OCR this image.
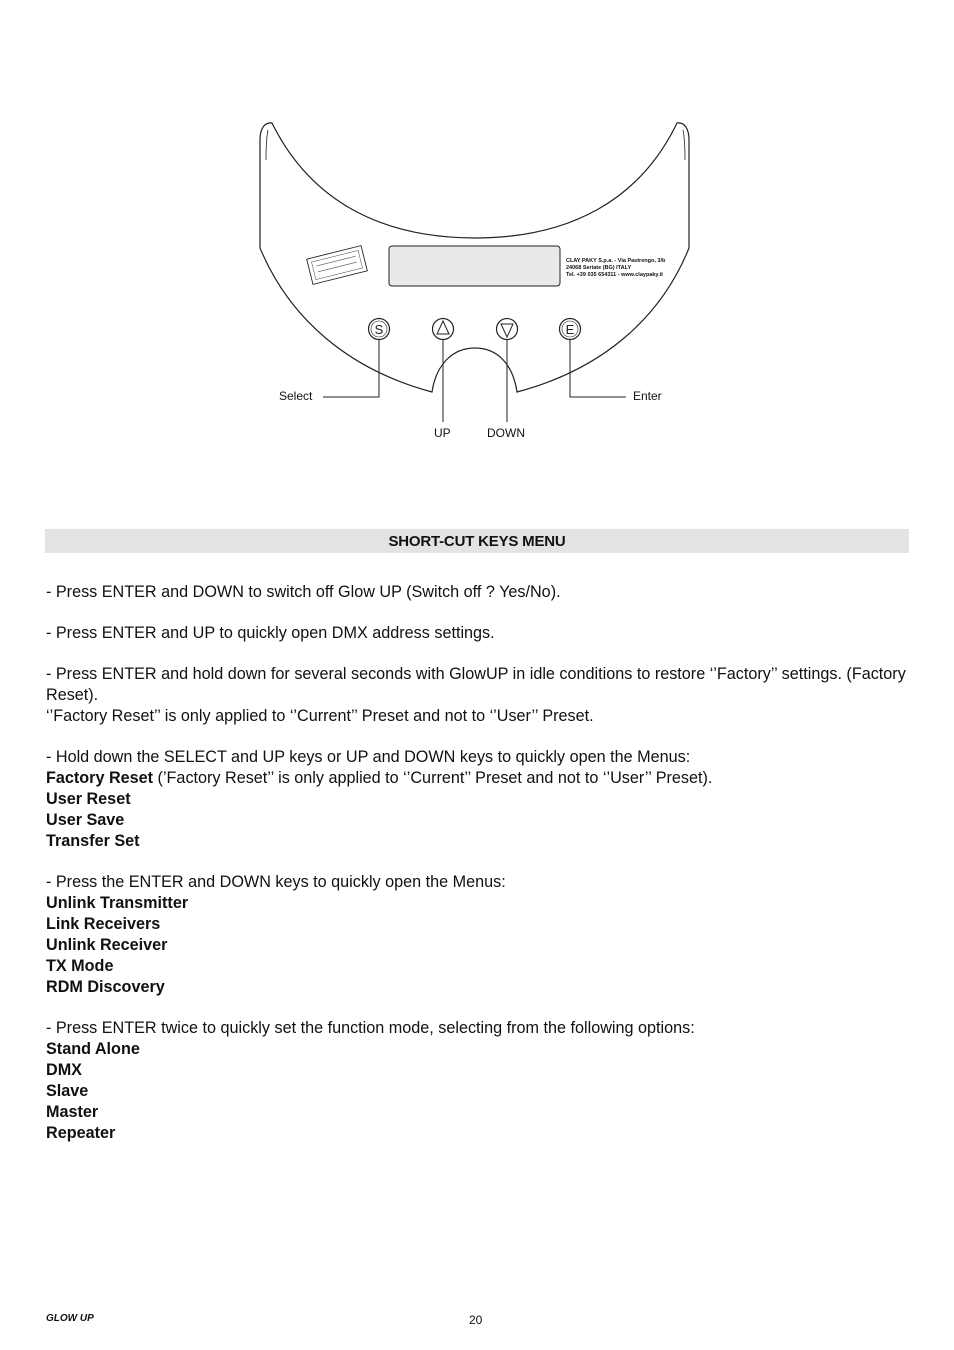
S	E
CLAY PAKY S.p.a. - Via Pastrengo, 3/b
24068 Seriate (BG) ITALY
Tel. +39 035 654311 - www.claypaky.it
Select	Enter
UP	DOWN
SHORT-CUT KEYS MENU

- Press ENTER and DOWN to switch off Glow UP (Switch off ? Yes/No).

- Press ENTER and UP to quickly open DMX address settings.

- Press ENTER and hold down for several seconds with GlowUP in idle conditions to restore ‘’Factory’’ settings. (Factory Reset).

‘’Factory Reset’’ is only applied to ‘’Current’’ Preset and not to ‘’User’’ Preset.

- Hold down the SELECT and UP keys or UP and DOWN keys to quickly open the Menus:

Factory Reset (’Factory Reset’’ is only applied to ‘’Current’’ Preset and not to ‘’User’’ Preset).

User Reset

User Save

Transfer Set

- Press the ENTER and DOWN keys to quickly open the Menus:

Unlink Transmitter

Link Receivers

Unlink Receiver

TX Mode

RDM Discovery

- Press ENTER twice to quickly set the function mode, selecting from the following options:

Stand Alone

DMX

Slave

Master

Repeater

GLOW UP	20
